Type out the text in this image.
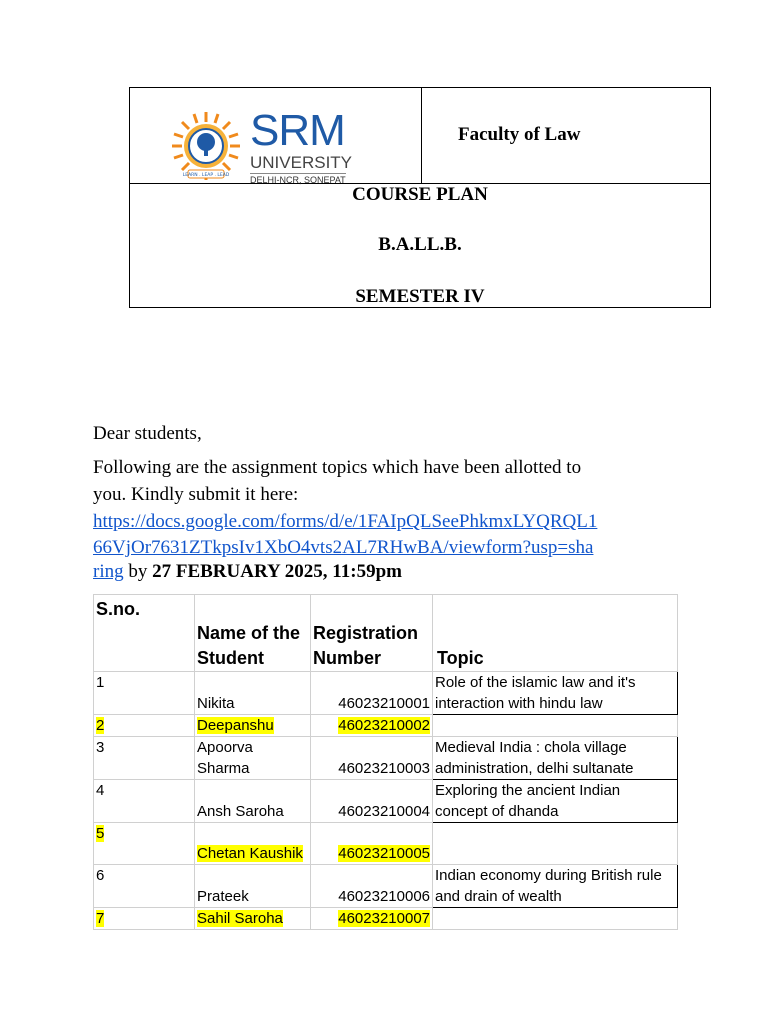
LEARN . LEAP . LEAD
SRM
UNIVERSITY
DELHI-NCR, SONEPAT
Faculty of Law
COURSE PLAN
B.A.LL.B.
SEMESTER IV
Dear students,
Following are the assignment topics which have been allotted to
you. Kindly submit it here:
https://docs.google.com/forms/d/e/1FAIpQLSeePhkmxLYQRQL1
66VjOr7631ZTkpsIv1XbO4vts2AL7RHwBA/viewform?usp=sha
ring by 27 FEBRUARY 2025, 11:59pm
S.no.	Name of the Student	Registration Number	Topic
1	Nikita	46023210001	Role of the islamic law and it's interaction with hindu law
2	Deepanshu	46023210002	
3	Apoorva Sharma	46023210003	Medieval India : chola village administration, delhi sultanate
4	Ansh Saroha	46023210004	Exploring the ancient Indian concept of dhanda
5	Chetan Kaushik	46023210005	
6	Prateek	46023210006	Indian economy during British rule and drain of wealth
7	Sahil Saroha	46023210007	
